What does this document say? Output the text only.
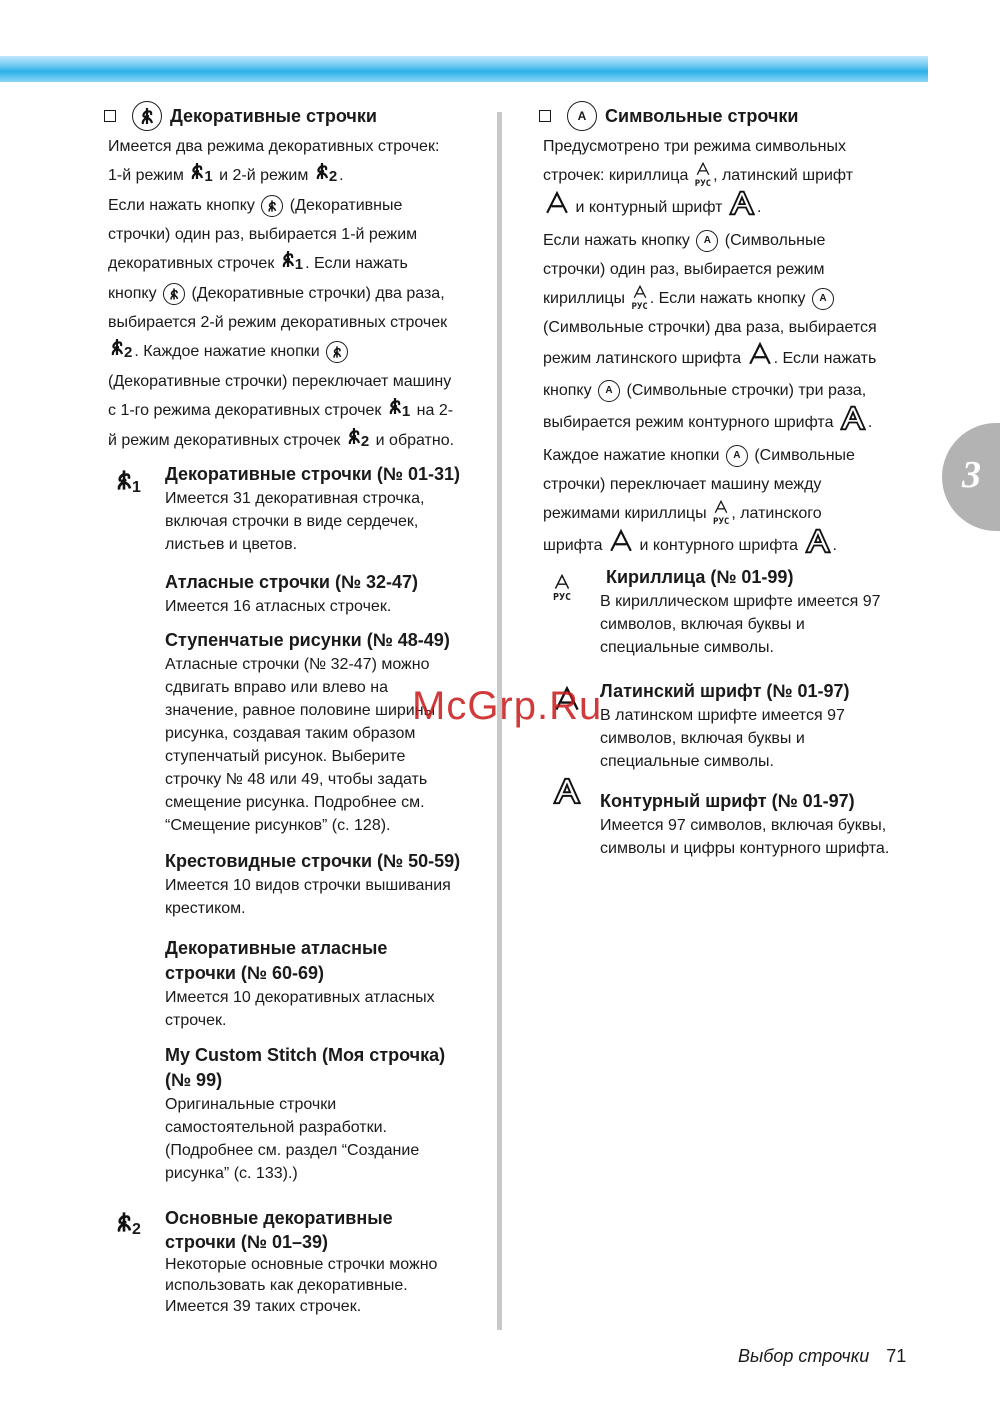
Декоративные строчки

Имеется два режима декоративных строчек:
1-й режим 1 и 2-й режим 2 .
Если нажать кнопку (Декоративные
строчки) один раз, выбирается 1-й режим
декоративных строчек 1 . Если нажать
кнопку (Декоративные строчки) два раза,
выбирается 2-й режим декоративных строчек
2 . Каждое нажатие кнопки

(Декоративные строчки) переключает машину
с 1-го режима декоративных строчек 1 на 2-
й режим декоративных строчек 2 и обратно.

1
2
Декоративные строчки (№ 01-31)
Имеется 31 декоративная строчка,
включая строчки в виде сердечек,
листьев и цветов.
Атласные строчки (№ 32-47)
Имеется 16 атласных строчек.
Ступенчатые рисунки (№ 48-49)
Атласные строчки (№ 32-47) можно
сдвигать вправо или влево на
значение, равное половине ширины
рисунка, создавая таким образом
ступенчатый рисунок. Выберите
строчку № 48 или 49, чтобы задать
смещение рисунка. Подробнее см.
“Смещение рисунков” (с. 128).
Крестовидные строчки (№ 50-59)
Имеется 10 видов строчки вышивания
крестиком.
Декоративные атласные
строчки (№ 60-69)
Имеется 10 декоративных атласных
строчек.
My Custom Stitch (Моя строчка)
(№ 99)
Оригинальные строчки
самостоятельной разработки.
(Подробнее см. раздел “Создание
рисунка” (с. 133).)
Основные декоративные
строчки (№ 01–39)
Некоторые основные строчки можно
использовать как декоративные.
Имеется 39 таких строчек.
A	Символьные строчки

Предусмотрено три режима символьных
строчек: кириллица
РУС, латинский шрифт
и контурный шрифт .
Если нажать кнопку A (Символьные
строчки) один раз, выбирается режим
кириллицы
РУС. Если нажать кнопку A
(Символьные строчки) два раза, выбирается
режим латинского шрифта . Если нажать
кнопку A (Символьные строчки) три раза,
выбирается режим контурного шрифта .
Каждое нажатие кнопки A (Символьные
строчки) переключает машину между
режимами кириллицы
РУС, латинского
шрифта и контурного шрифта .

РУС
Кириллица (№ 01-99)
В кириллическом шрифте имеется 97
символов, включая буквы и
специальные символы.
Латинский шрифт (№ 01-97)
В латинском шрифте имеется 97
символов, включая буквы и
специальные символы.
Контурный шрифт (№ 01-97)
Имеется 97 символов, включая буквы,
символы и цифры контурного шрифта.
3
McGrp.Ru
Выбор строчки 71
